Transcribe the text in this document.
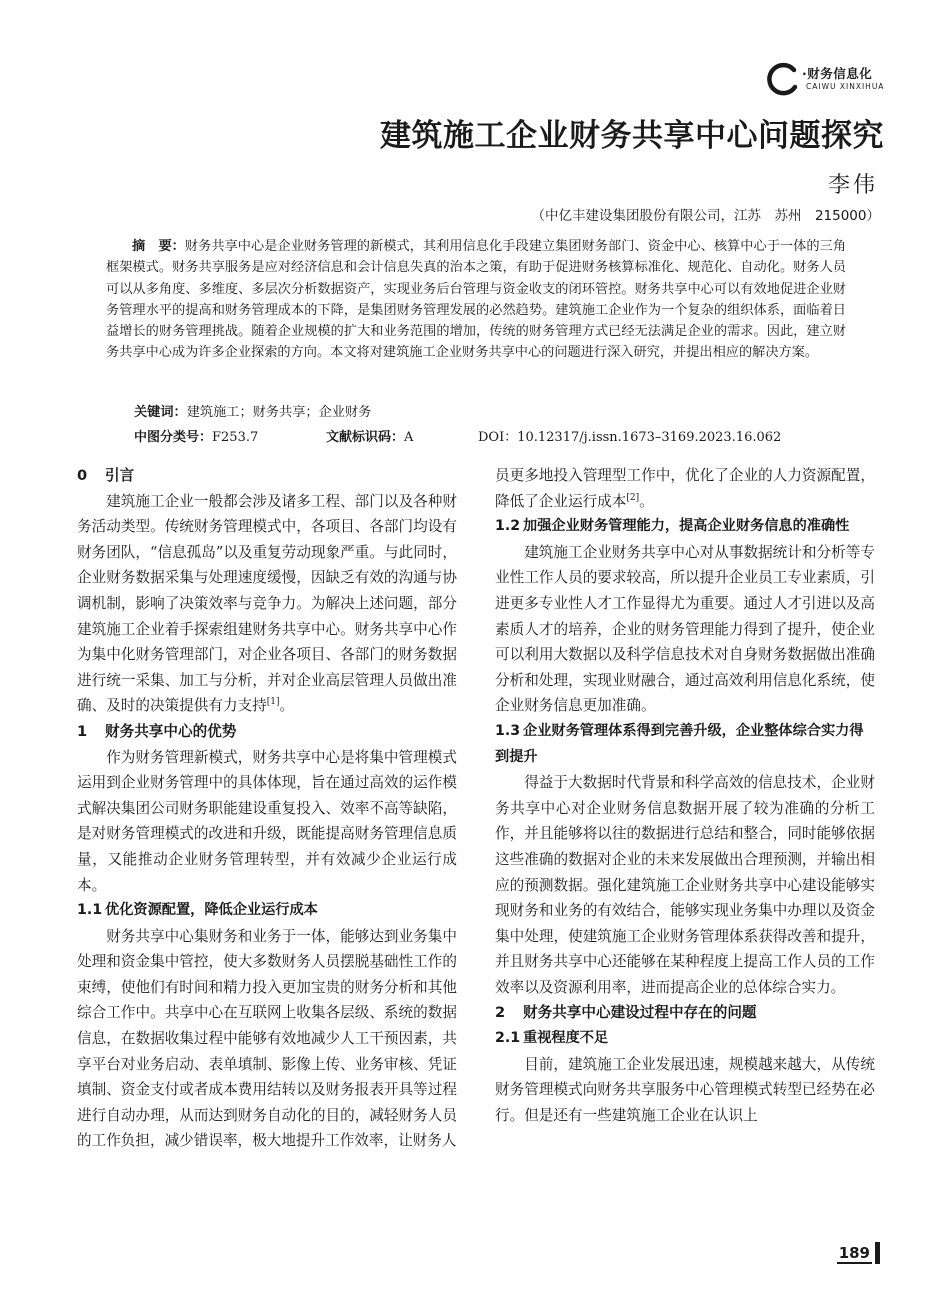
·财务信息化
CAIWU XINXIHUA
建筑施工企业财务共享中心问题探究
李伟
（中亿丰建设集团股份有限公司，江苏　苏州　215000）

摘　要：财务共享中心是企业财务管理的新模式，其利用信息化手段建立集团财务部门、资金中心、核算中心于一体的三角框架模式。财务共享服务是应对经济信息和会计信息失真的治本之策，有助于促进财务核算标准化、规范化、自动化。财务人员可以从多角度、多维度、多层次分析数据资产，实现业务后台管理与资金收支的闭环管控。财务共享中心可以有效地促进企业财务管理水平的提高和财务管理成本的下降，是集团财务管理发展的必然趋势。建筑施工企业作为一个复杂的组织体系，面临着日益增长的财务管理挑战。随着企业规模的扩大和业务范围的增加，传统的财务管理方式已经无法满足企业的需求。因此，建立财务共享中心成为许多企业探索的方向。本文将对建筑施工企业财务共享中心的问题进行深入研究，并提出相应的解决方案。

关键词：建筑施工；财务共享；企业财务
中图分类号：F253.7	文献标识码：A	DOI：10.12317/j.issn.1673–3169.2023.16.062
0 引言

建筑施工企业一般都会涉及诸多工程、部门以及各种财务活动类型。传统财务管理模式中，各项目、各部门均设有财务团队，“信息孤岛”以及重复劳动现象严重。与此同时，企业财务数据采集与处理速度缓慢，因缺乏有效的沟通与协调机制，影响了决策效率与竞争力。为解决上述问题，部分建筑施工企业着手探索组建财务共享中心。财务共享中心作为集中化财务管理部门，对企业各项目、各部门的财务数据进行统一采集、加工与分析，并对企业高层管理人员做出准确、及时的决策提供有力支持[1]。

1 财务共享中心的优势

作为财务管理新模式，财务共享中心是将集中管理模式运用到企业财务管理中的具体体现，旨在通过高效的运作模式解决集团公司财务职能建设重复投入、效率不高等缺陷，是对财务管理模式的改进和升级，既能提高财务管理信息质量，又能推动企业财务管理转型，并有效减少企业运行成本。

1.1 优化资源配置，降低企业运行成本

财务共享中心集财务和业务于一体，能够达到业务集中处理和资金集中管控，使大多数财务人员摆脱基础性工作的束缚，使他们有时间和精力投入更加宝贵的财务分析和其他综合工作中。共享中心在互联网上收集各层级、系统的数据信息，在数据收集过程中能够有效地减少人工干预因素，共享平台对业务启动、表单填制、影像上传、业务审核、凭证填制、资金支付或者成本费用结转以及财务报表开具等过程进行自动办理，从而达到财务自动化的目的，减轻财务人员的工作负担，减少错误率，极大地提升工作效率，让财务人

员更多地投入管理型工作中，优化了企业的人力资源配置，降低了企业运行成本[2]。

1.2 加强企业财务管理能力，提高企业财务信息的准确性

建筑施工企业财务共享中心对从事数据统计和分析等专业性工作人员的要求较高，所以提升企业员工专业素质，引进更多专业性人才工作显得尤为重要。通过人才引进以及高素质人才的培养，企业的财务管理能力得到了提升，使企业可以利用大数据以及科学信息技术对自身财务数据做出准确分析和处理，实现业财融合，通过高效利用信息化系统，使企业财务信息更加准确。

1.3 企业财务管理体系得到完善升级，企业整体综合实力得到提升

得益于大数据时代背景和科学高效的信息技术，企业财务共享中心对企业财务信息数据开展了较为准确的分析工作，并且能够将以往的数据进行总结和整合，同时能够依据这些准确的数据对企业的未来发展做出合理预测，并输出相应的预测数据。强化建筑施工企业财务共享中心建设能够实现财务和业务的有效结合，能够实现业务集中办理以及资金集中处理，使建筑施工企业财务管理体系获得改善和提升，并且财务共享中心还能够在某种程度上提高工作人员的工作效率以及资源利用率，进而提高企业的总体综合实力。

2 财务共享中心建设过程中存在的问题
2.1 重视程度不足

目前，建筑施工企业发展迅速，规模越来越大，从传统财务管理模式向财务共享服务中心管理模式转型已经势在必行。但是还有一些建筑施工企业在认识上

189
